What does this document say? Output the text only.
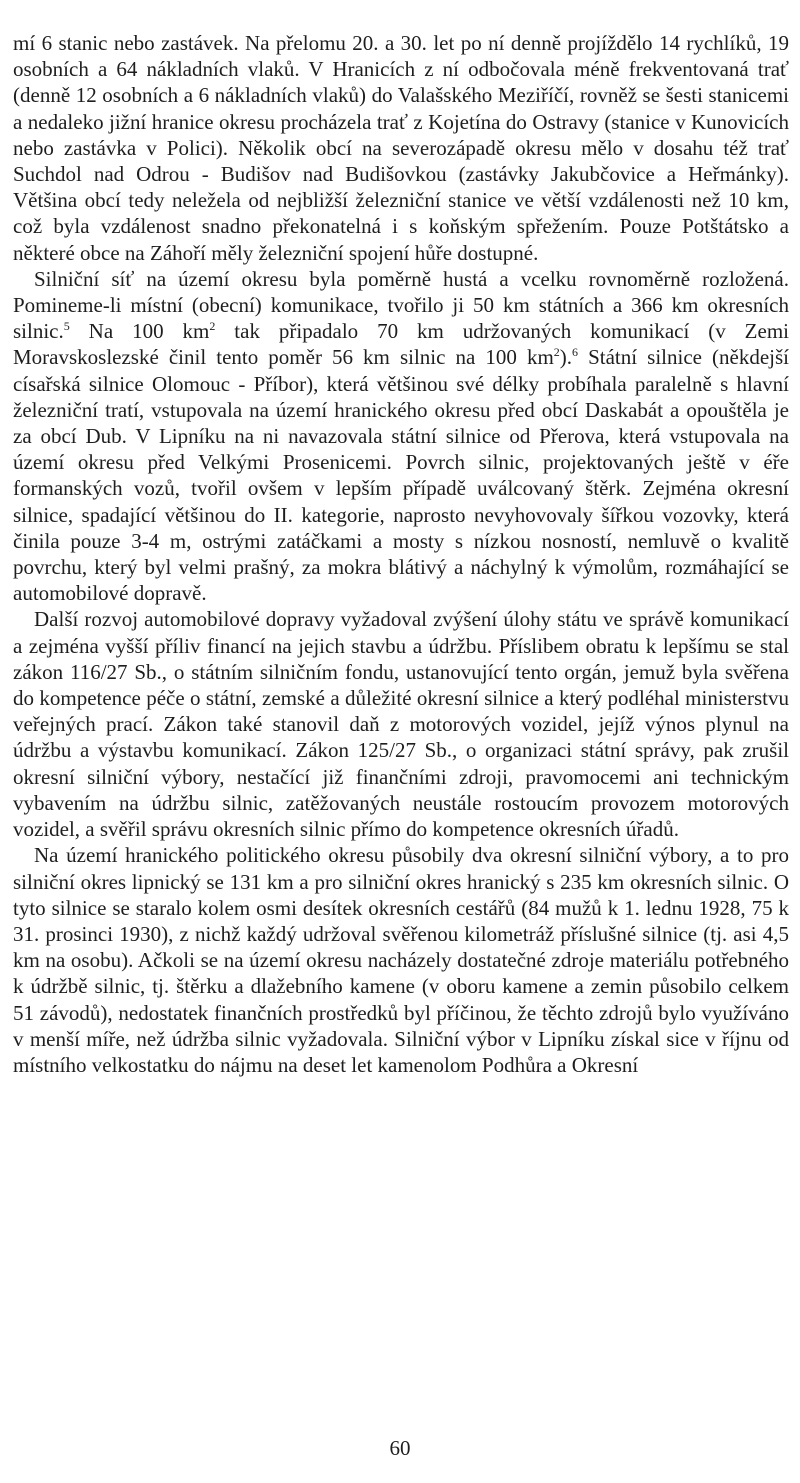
mí 6 stanic nebo zastávek. Na přelomu 20. a 30. let po ní denně projíždělo 14 rychlíků, 19 osobních a 64 nákladních vlaků. V Hranicích z ní odbočovala méně frekventovaná trať (denně 12 osobních a 6 nákladních vlaků) do Valašského Meziříčí, rovněž se šesti stanicemi a nedaleko jižní hranice okresu procházela trať z Kojetína do Ostravy (stanice v Kunovicích nebo zastávka v Polici). Několik obcí na severozápadě okresu mělo v dosahu též trať Suchdol nad Odrou - Budišov nad Budišovkou (zastávky Jakubčovice a Heřmánky). Většina obcí tedy neležela od nejbližší železniční stanice ve větší vzdálenosti než 10 km, což byla vzdálenost snadno překonatelná i s koňským spřežením. Pouze Potštátsko a některé obce na Záhoří měly železniční spojení hůře dostupné.

Silniční síť na území okresu byla poměrně hustá a vcelku rovnoměrně rozložená. Pomineme-li místní (obecní) komunikace, tvořilo ji 50 km státních a 366 km okresních silnic.$^5$ Na 100 $km^2$ tak připadalo 70 km udržovaných komunikací (v Zemi Moravskoslezské činil tento poměr 56 km silnic na 100 $km^2).^6$ Státní silnice (někdejší císařská silnice Olomouc - Příbor), která většinou své délky probíhala paralelně s hlavní železniční tratí, vstupovala na území hranického okresu před obcí Daskabát a opouštěla je za obcí Dub. V Lipníku na ni navazovala státní silnice od Přerova, která vstupovala na území okresu před Velkými Prosenicemi. Povrch silnic, projektovaných ještě v éře formanských vozů, tvořil ovšem v lepším případě uválcovaný štěrk. Zejména okresní silnice, spadající většinou do II. kategorie, naprosto nevyhovovaly šířkou vozovky, která činila pouze 3-4 m, ostrými zatáčkami a mosty s nízkou nosností, nemluvě o kvalitě povrchu, který byl velmi prašný, za mokra blátivý a náchylný k výmolům, rozmáhající se automobilové dopravě.

Další rozvoj automobilové dopravy vyžadoval zvýšení úlohy státu ve správě komunikací a zejména vyšší příliv financí na jejich stavbu a údržbu. Příslibem obratu k lepšímu se stal zákon 116/27 Sb., o státním silničním fondu, ustanovující tento orgán, jemuž byla svěřena do kompetence péče o státní, zemské a důležité okresní silnice a který podléhal ministerstvu veřejných prací. Zákon také stanovil daň z motorových vozidel, jejíž výnos plynul na údržbu a výstavbu komunikací. Zákon 125/27 Sb., o organizaci státní správy, pak zrušil okresní silniční výbory, nestačící již finančními zdroji, pravomocemi ani technickým vybavením na údržbu silnic, zatěžovaných neustále rostoucím provozem motorových vozidel, a svěřil správu okresních silnic přímo do kompetence okresních úřadů.

Na území hranického politického okresu působily dva okresní silniční výbory, a to pro silniční okres lipnický se 131 km a pro silniční okres hranický s 235 km okresních silnic. O tyto silnice se staralo kolem osmi desítek okresních cestářů (84 mužů k 1. lednu 1928, 75 k 31. prosinci 1930), z nichž každý udržoval svěřenou kilometráž příslušné silnice (tj. asi 4,5 km na osobu). Ačkoli se na území okresu nacházely dostatečné zdroje materiálu potřebného k údržbě silnic, tj. štěrku a dlažebního kamene (v oboru kamene a zemin působilo celkem 51 závodů), nedostatek finančních prostředků byl příčinou, že těchto zdrojů bylo využíváno v menší míře, než údržba silnic vyžadovala. Silniční výbor v Lipníku získal sice v říjnu od místního velkostatku do nájmu na deset let kamenolom Podhůra a Okresní

60
